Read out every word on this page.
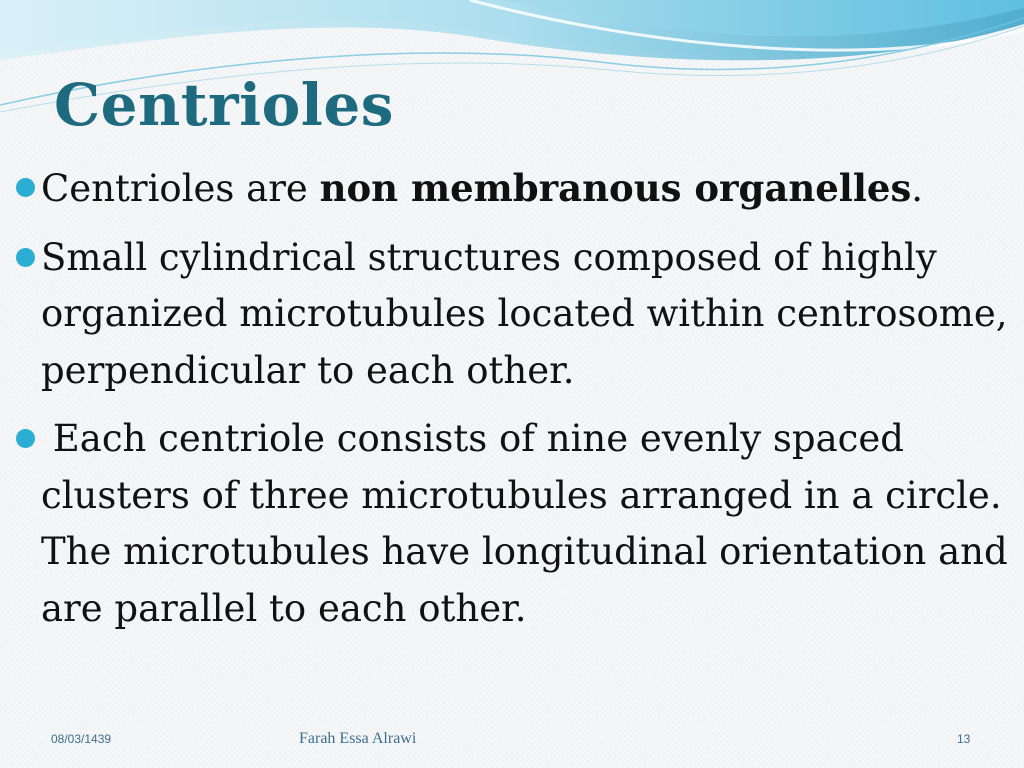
Centrioles
Centrioles are non membranous organelles.
Small cylindrical structures composed of highly organized microtubules located within centrosome, perpendicular to each other.
Each centriole consists of nine evenly spaced clusters of three microtubules arranged in a circle. The microtubules have longitudinal orientation and are parallel to each other.
08/03/1439	Farah Essa Alrawi	13
